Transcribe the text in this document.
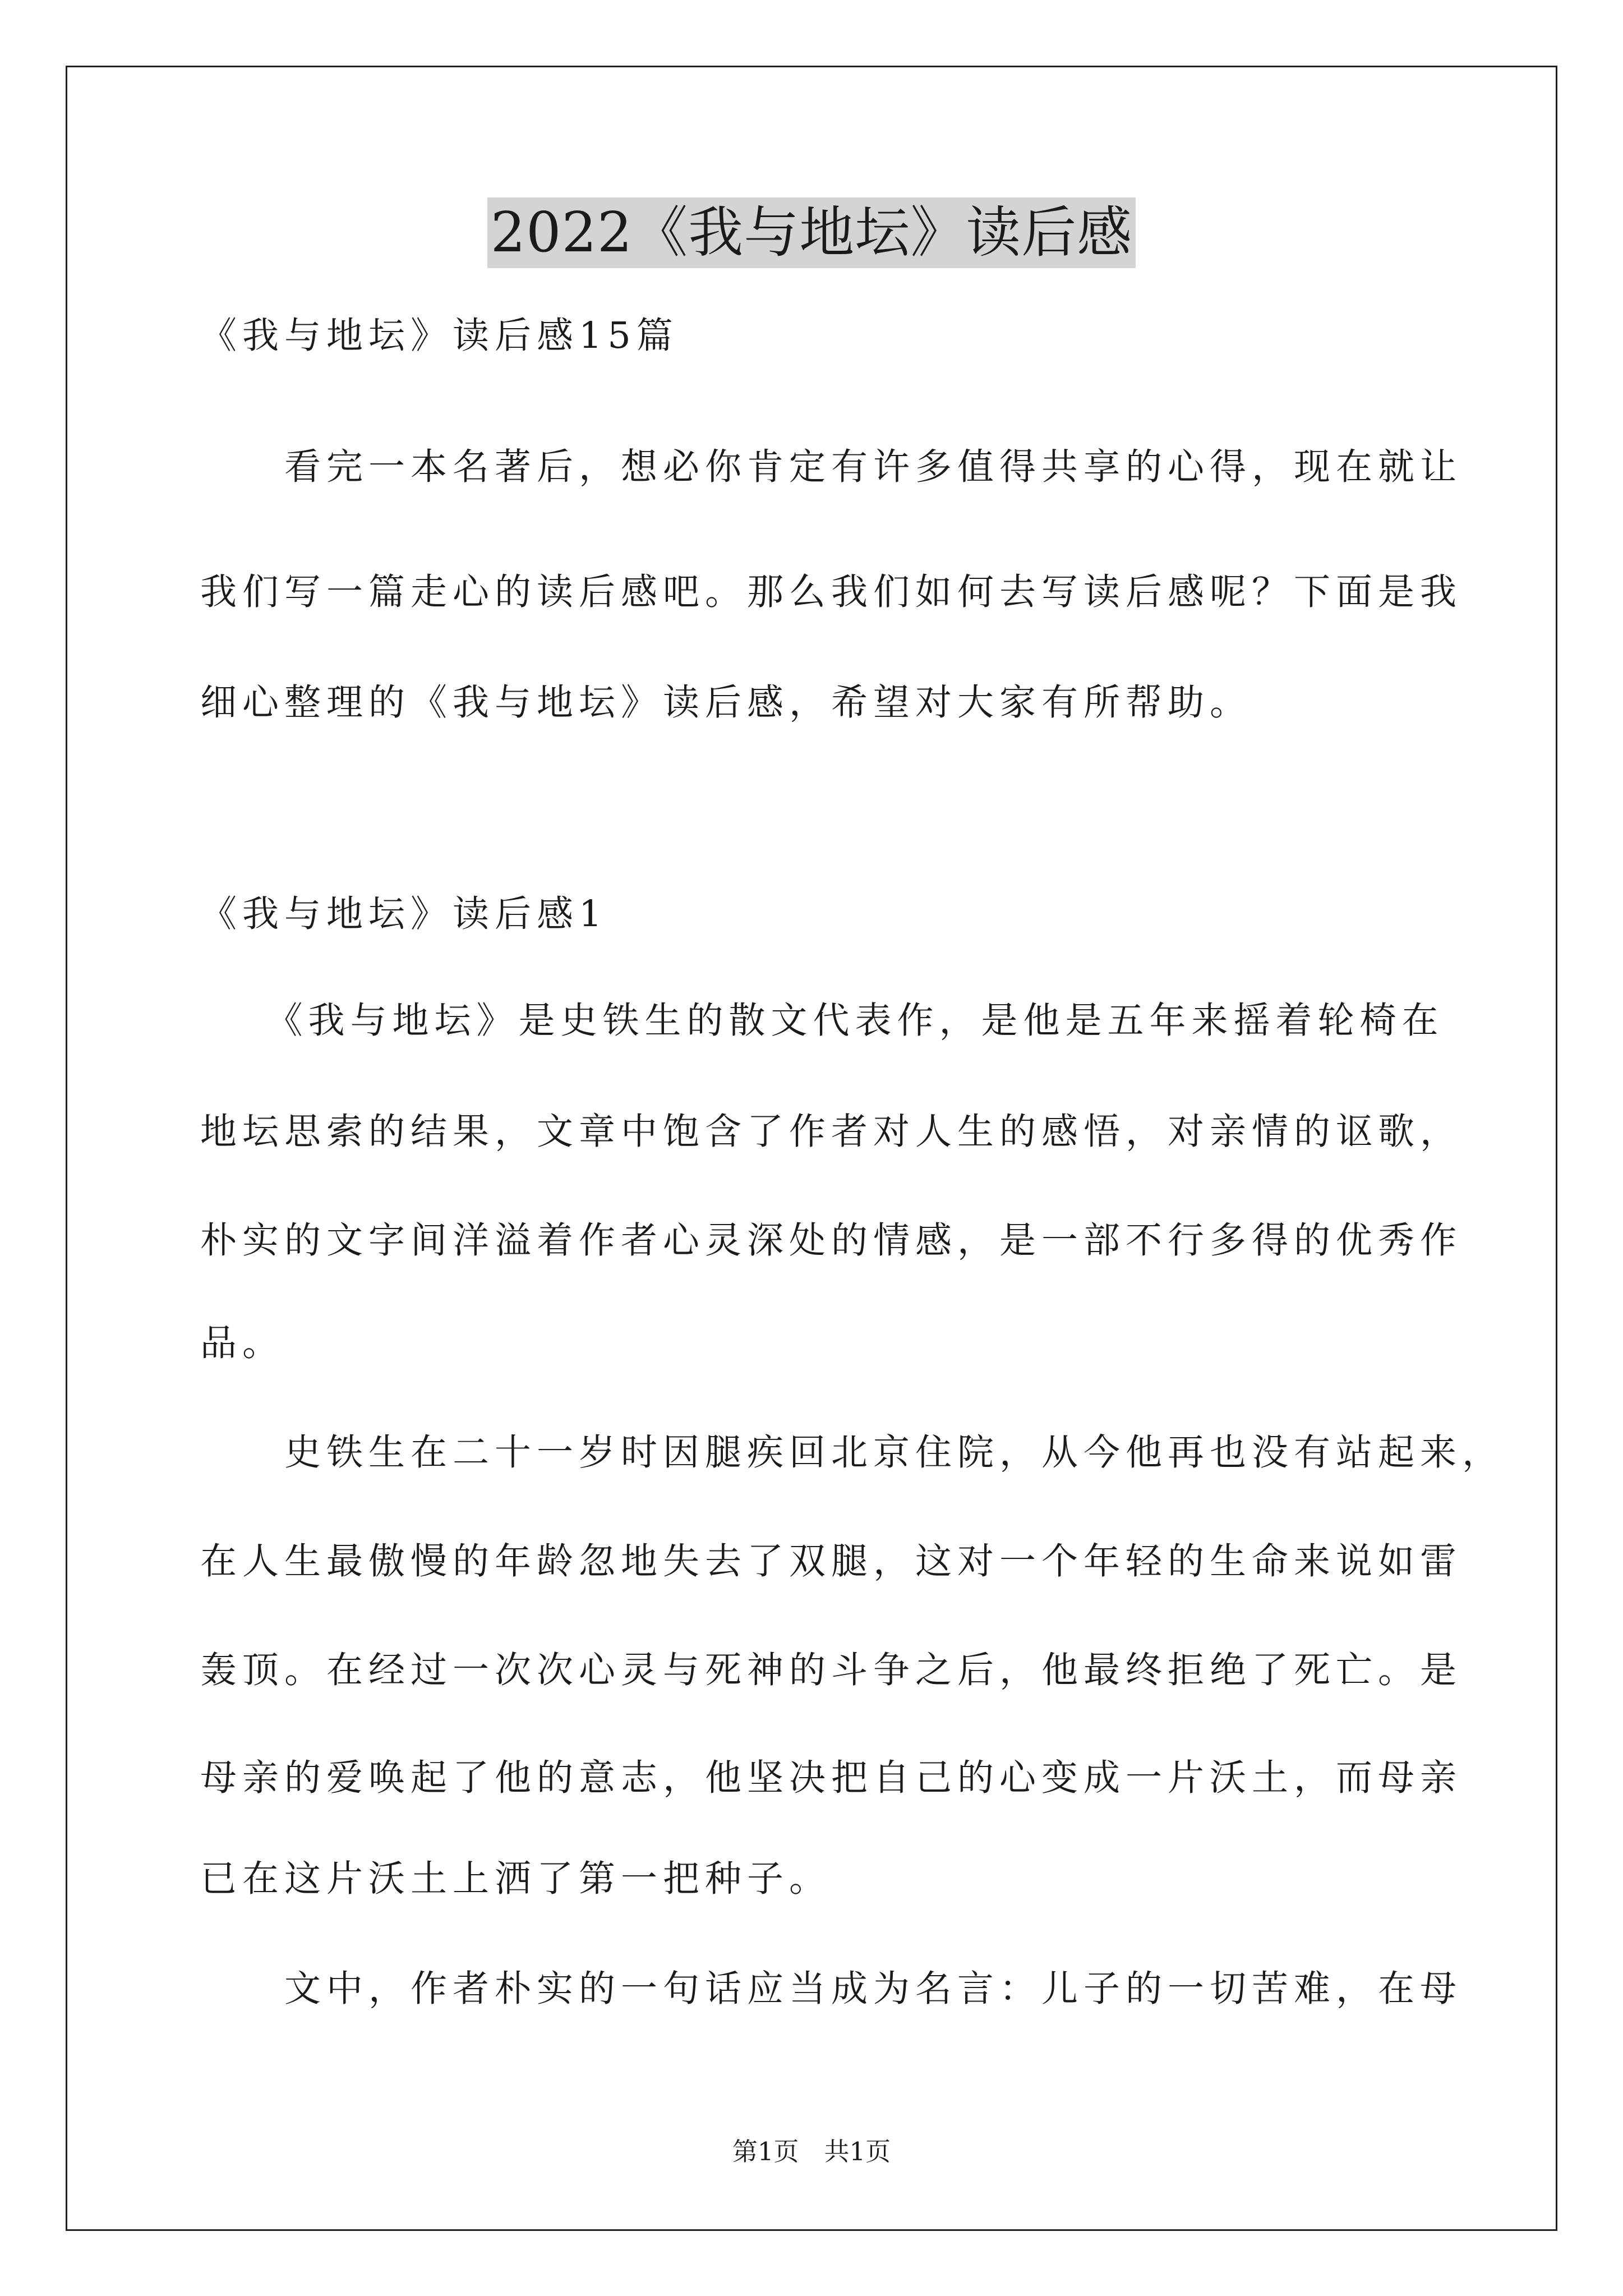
2022《我与地坛》读后感
《我与地坛》读后感15篇
　　看完一本名著后，想必你肯定有许多值得共享的心得，现在就让
我们写一篇走心的读后感吧。那么我们如何去写读后感呢？下面是我
细心整理的《我与地坛》读后感，希望对大家有所帮助。
《我与地坛》读后感1
　　《我与地坛》是史铁生的散文代表作，是他是五年来摇着轮椅在
地坛思索的结果，文章中饱含了作者对人生的感悟，对亲情的讴歌，
朴实的文字间洋溢着作者心灵深处的情感，是一部不行多得的优秀作
品。
　　史铁生在二十一岁时因腿疾回北京住院，从今他再也没有站起来，
在人生最傲慢的年龄忽地失去了双腿，这对一个年轻的生命来说如雷
轰顶。在经过一次次心灵与死神的斗争之后，他最终拒绝了死亡。是
母亲的爱唤起了他的意志，他坚决把自己的心变成一片沃土，而母亲
已在这片沃土上洒了第一把种子。
　　文中，作者朴实的一句话应当成为名言：儿子的一切苦难，在母
第1页　共1页
